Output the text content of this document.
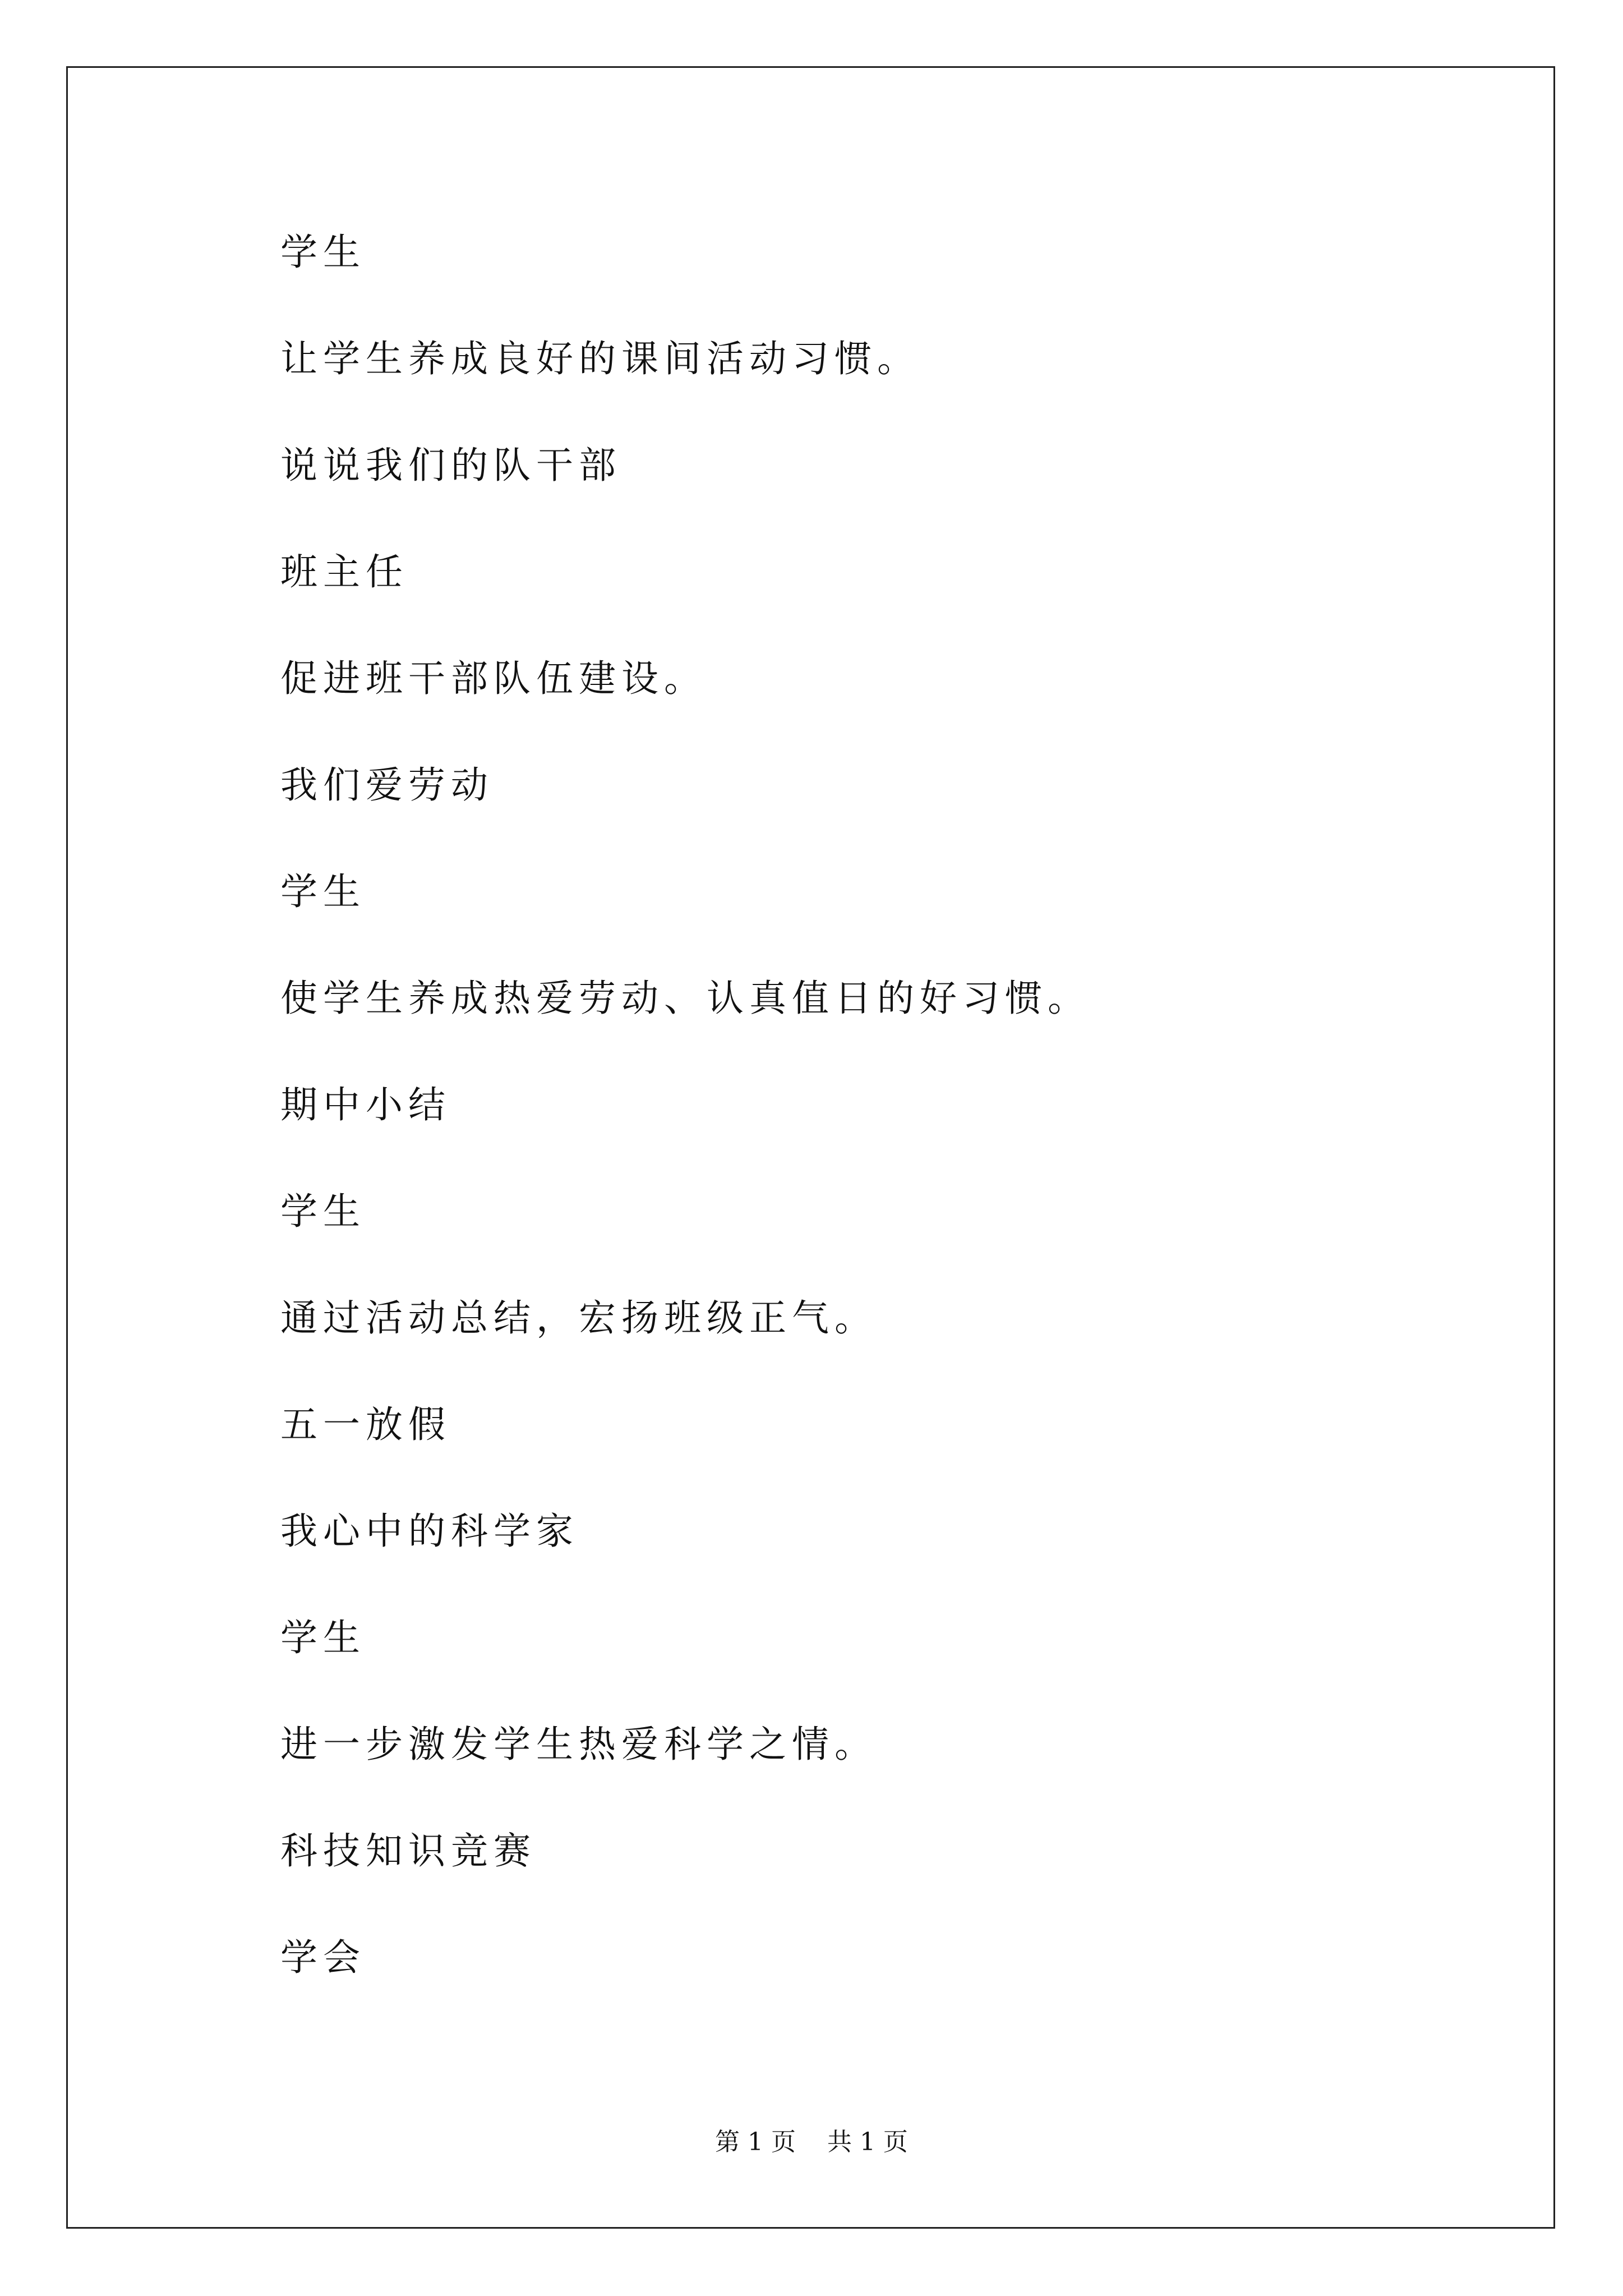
学生
让学生养成良好的课间活动习惯。
说说我们的队干部
班主任
促进班干部队伍建设。
我们爱劳动
学生
使学生养成热爱劳动、认真值日的好习惯。
期中小结
学生
通过活动总结，宏扬班级正气。
五一放假
我心中的科学家
学生
进一步激发学生热爱科学之情。
科技知识竞赛
学会
第 1 页    共 1 页
